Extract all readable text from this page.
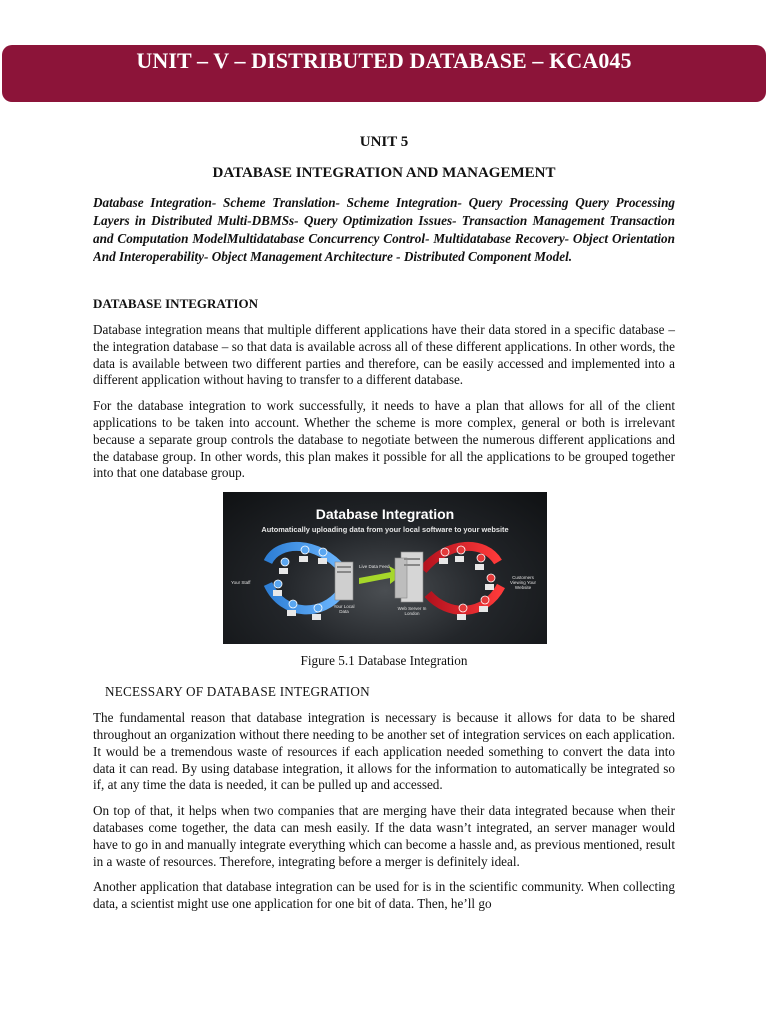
UNIT – V – DISTRIBUTED DATABASE – KCA045
UNIT 5
DATABASE INTEGRATION AND MANAGEMENT

Database Integration- Scheme Translation- Scheme Integration- Query Processing Query Processing Layers in Distributed Multi-DBMSs- Query Optimization Issues- Transaction Management Transaction and Computation ModelMultidatabase Concurrency Control- Multidatabase Recovery- Object Orientation And Interoperability- Object Management Architecture - Distributed Component Model.

DATABASE INTEGRATION

Database integration means that multiple different applications have their data stored in a specific database – the integration database – so that data is available across all of these different applications. In other words, the data is available between two different parties and therefore, can be easily accessed and implemented into a different application without having to transfer to a different database.

For the database integration to work successfully, it needs to have a plan that allows for all of the client applications to be taken into account. Whether the scheme is more complex, general or both is irrelevant because a separate group controls the database to negotiate between the numerous different applications and the database group. In other words, this plan makes it possible for all the applications to be grouped together into that one database group.

Database Integration
Automatically uploading data from your local software to your website
Your Staff
Live Data Feed
Your Local Data
Web Server In London
Customers Viewing Your Website
Figure 5.1 Database Integration
NECESSARY OF DATABASE INTEGRATION

The fundamental reason that database integration is necessary is because it allows for data to be shared throughout an organization without there needing to be another set of integration services on each application. It would be a tremendous waste of resources if each application needed something to convert the data into data it can read. By using database integration, it allows for the information to automatically be integrated so if, at any time the data is needed, it can be pulled up and accessed.

On top of that, it helps when two companies that are merging have their data integrated because when their databases come together, the data can mesh easily. If the data wasn’t integrated, an server manager would have to go in and manually integrate everything which can become a hassle and, as previous mentioned, result in a waste of resources. Therefore, integrating before a merger is definitely ideal.

Another application that database integration can be used for is in the scientific community. When collecting data, a scientist might use one application for one bit of data. Then, he’ll go
